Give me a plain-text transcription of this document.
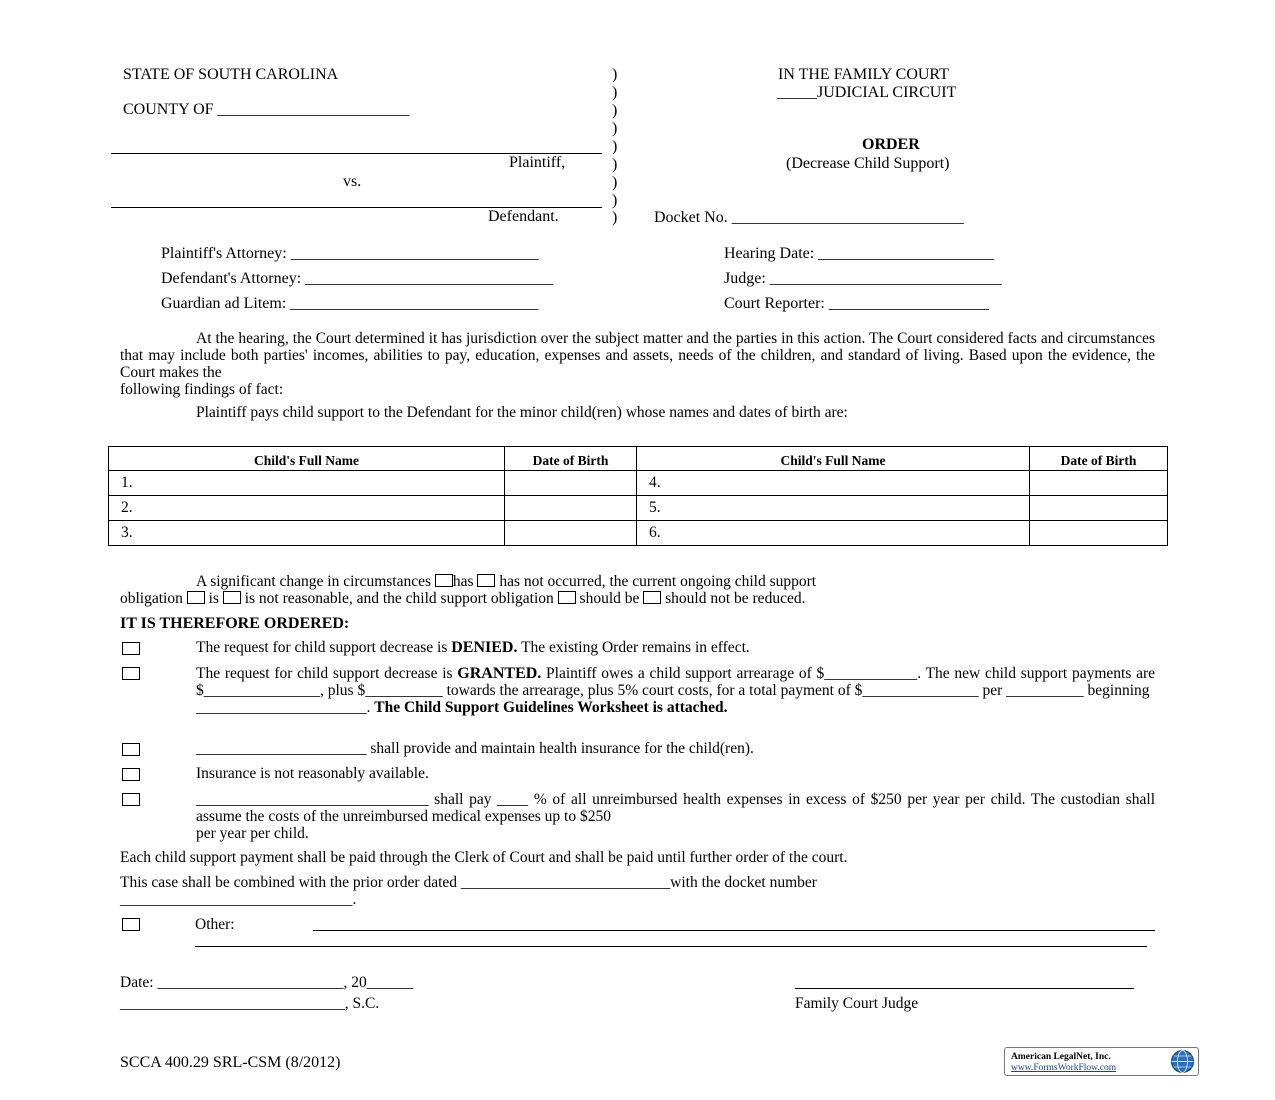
STATE OF SOUTH CAROLINA
COUNTY OF ________________________
Plaintiff,
vs.
Defendant.
)
)
)
)
)
)
)
)
)
IN THE FAMILY COURT
_____JUDICIAL CIRCUIT
ORDER
(Decrease Child Support)
Docket No. _____________________________
Plaintiff's Attorney: _______________________________
Defendant's Attorney: _______________________________
Guardian ad Litem: _______________________________
Hearing Date: ______________________
Judge: _____________________________
Court Reporter: ____________________
At the hearing, the Court determined it has jurisdiction over the subject matter and the parties in this action. The Court considered facts and circumstances that may include both parties' incomes, abilities to pay, education, expenses and assets, needs of the children, and standard of living. Based upon the evidence, the Court makes the
following findings of fact:
Plaintiff pays child support to the Defendant for the minor child(ren) whose names and dates of birth are:
Child's Full Name	Date of Birth	Child's Full Name	Date of Birth
1.		4.	
2.		5.	
3.		6.	
A significant change in circumstances has  has not occurred, the current ongoing child support
obligation  is  is not reasonable, and the child support obligation  should be  should not be reduced.
IT IS THEREFORE ORDERED:
The request for child support decrease is DENIED. The existing Order remains in effect.
The request for child support decrease is GRANTED. Plaintiff owes a child support arrearage of $____________. The new child support payments are $_______________, plus $__________ towards the arrearage, plus 5% court costs, for a total payment of $_______________ per __________ beginning
______________________. The Child Support Guidelines Worksheet is attached.
______________________ shall provide and maintain health insurance for the child(ren).
Insurance is not reasonably available.
______________________________ shall pay ____ % of all unreimbursed health expenses in excess of $250 per year per child. The custodian shall assume the costs of the unreimbursed medical expenses up to $250
per year per child.
Each child support payment shall be paid through the Clerk of Court and shall be paid until further order of the court.
This case shall be combined with the prior order dated ___________________________with the docket number
______________________________.
Other:
Date: ________________________, 20______
_____________________________, S.C.	Family Court Judge
SCCA 400.29 SRL-CSM (8/2012)	American LegalNet, Inc.
www.FormsWorkFlow.com
